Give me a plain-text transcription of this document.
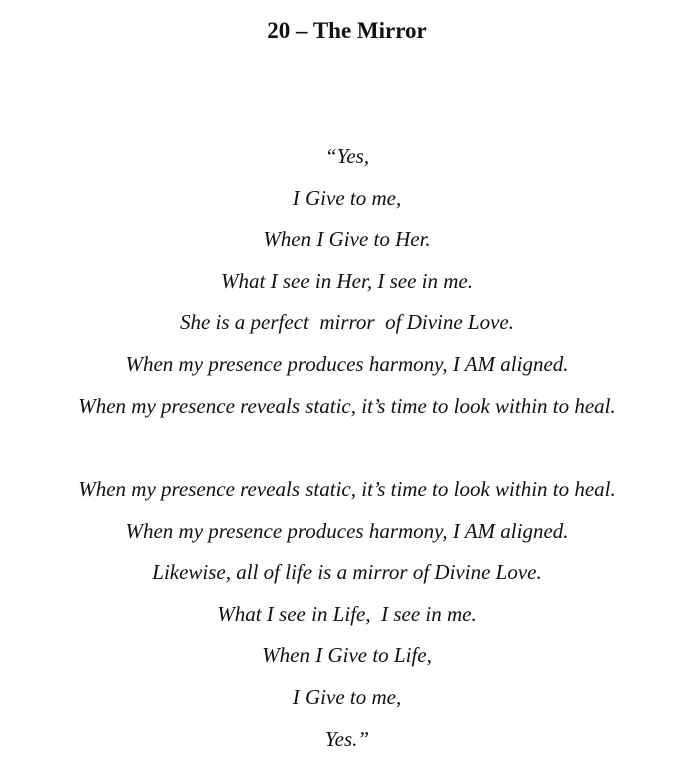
20 – The Mirror
“Yes,
I Give to me,
When I Give to Her.
What I see in Her, I see in me.
She is a perfect  mirror  of Divine Love.
When my presence produces harmony, I AM aligned.
When my presence reveals static, it’s time to look within to heal.
When my presence reveals static, it’s time to look within to heal.
When my presence produces harmony, I AM aligned.
Likewise, all of life is a mirror of Divine Love.
What I see in Life,  I see in me.
When I Give to Life,
I Give to me,
Yes.”
